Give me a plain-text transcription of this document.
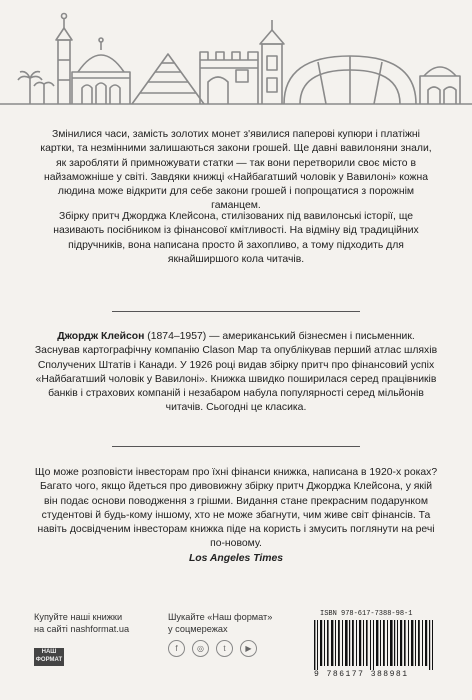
Змінилися часи, замість золотих монет з'явилися паперові купюри і платіжні картки, та незмінними залишаються закони грошей. Ще давні вавилоняни знали, як заробляти й примножувати статки — так вони перетворили своє місто в найзаможніше у світі. Завдяки книжці «Найбагатший чоловік у Вавилоні» кожна людина може відкрити для себе закони грошей і попрощатися з порожнім гаманцем.

Збірку притч Джорджа Клейсона, стилізованих під вавилонські історії, ще називають посібником із фінансової кмітливості. На відміну від традиційних підручників, вона написана просто й захопливо, а тому підходить для якнайширшого кола читачів.

Джордж Клейсон (1874–1957) — американський бізнесмен і письменник. Заснував картографічну компанію Clason Map та опублікував перший атлас шляхів Сполучених Штатів і Канади. У 1926 році видав збірку притч про фінансовий успіх «Найбагатший чоловік у Вавилоні». Книжка швидко поширилася серед працівників банків і страхових компаній і незабаром набула популярності серед мільйонів читачів. Сьогодні це класика.

Що може розповісти інвесторам про їхні фінанси книжка, написана в 1920-х роках? Багато чого, якщо йдеться про дивовижну збірку притч Джорджа Клейсона, у якій він подає основи поводження з грішми. Видання стане прекрасним подарунком студентові й будь-кому іншому, хто не може збагнути, чим живе світ фінансів. Та навіть досвідченим інвесторам книжка піде на користь і змусить поглянути на речі по-новому.
Los Angeles Times

Купуйте наші книжки
на сайті nashformat.ua
Шукайте «Наш формат»
у соцмережах
f	◎	t	▶
НАШ ФОРМАТ
ISBN 978-617-7388-98-1
9 786177 388981
